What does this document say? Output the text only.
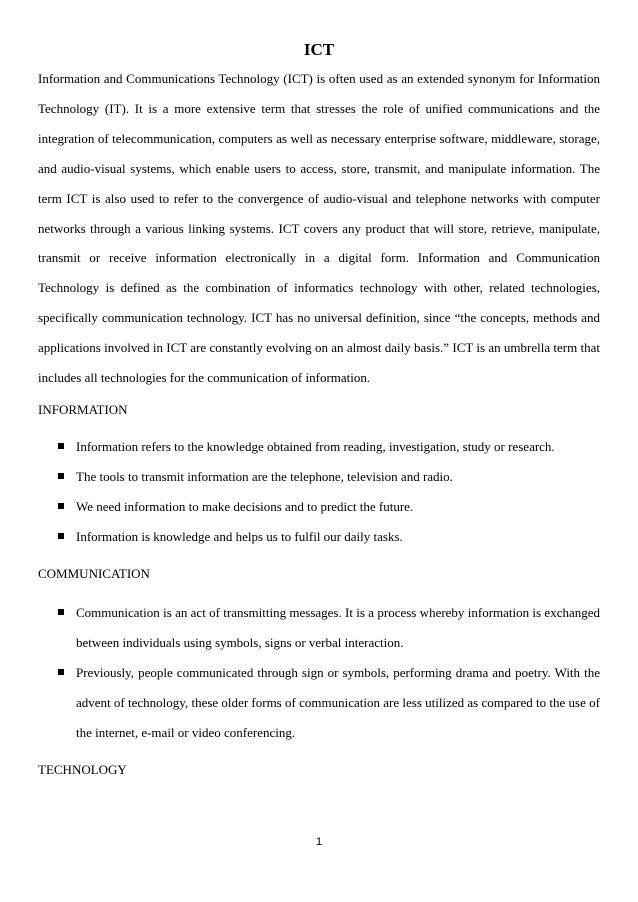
ICT

Information and Communications Technology (ICT) is often used as an extended synonym for Information Technology (IT). It is a more extensive term that stresses the role of unified communications and the integration of telecommunication, computers as well as necessary enterprise software, middleware, storage, and audio-visual systems, which enable users to access, store, transmit, and manipulate information. The term ICT is also used to refer to the convergence of audio-visual and telephone networks with computer networks through a various linking systems. ICT covers any product that will store, retrieve, manipulate, transmit or receive information electronically in a digital form. Information and Communication Technology is defined as the combination of informatics technology with other, related technologies, specifically communication technology. ICT has no universal definition, since “the concepts, methods and applications involved in ICT are constantly evolving on an almost daily basis.” ICT is an umbrella term that includes all technologies for the communication of information.

INFORMATION

Information refers to the knowledge obtained from reading, investigation, study or research.
The tools to transmit information are the telephone, television and radio.
We need information to make decisions and to predict the future.
Information is knowledge and helps us to fulfil our daily tasks.

COMMUNICATION

Communication is an act of transmitting messages. It is a process whereby information is exchanged between individuals using symbols, signs or verbal interaction.
Previously, people communicated through sign or symbols, performing drama and poetry. With the advent of technology, these older forms of communication are less utilized as compared to the use of the internet, e-mail or video conferencing.

TECHNOLOGY

1
